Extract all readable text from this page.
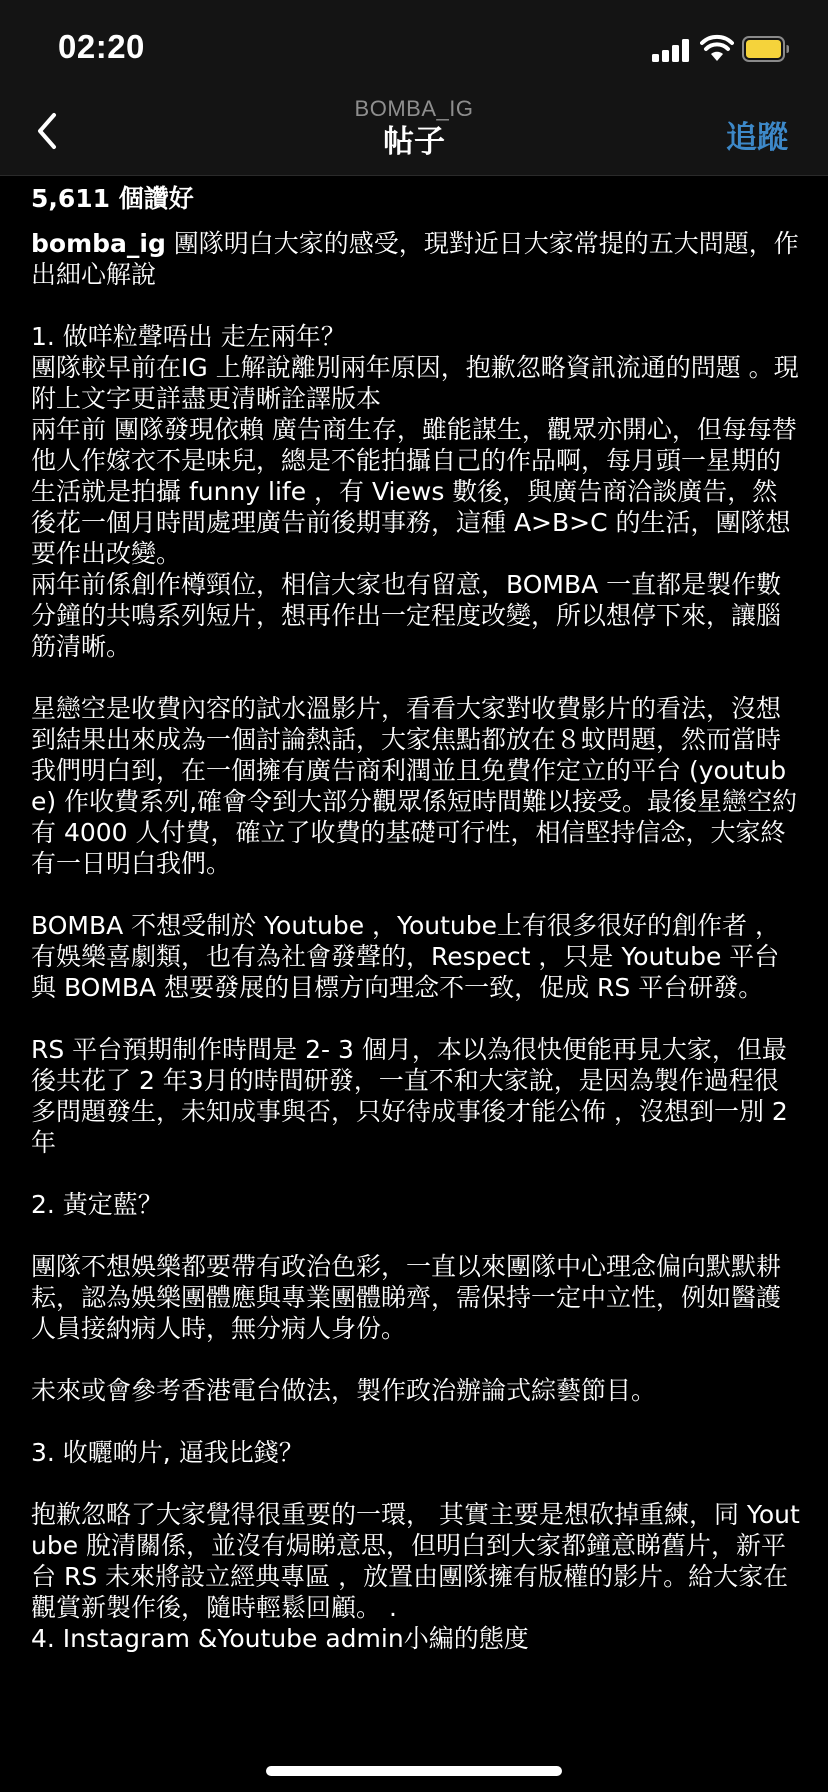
02:20
BOMBA_IG
帖子	追蹤
5,611 個讚好
bomba_ig 團隊明白大家的感受，現對近日大家常提的五大問題，作出細心解說

1. 做咩粒聲唔出 走左兩年？
團隊較早前在IG 上解說離別兩年原因，抱歉忽略資訊流通的問題 。現附上文字更詳盡更清晰詮譯版本
兩年前 團隊發現依賴 廣告商生存，雖能謀生，觀眾亦開心，但每每替他人作嫁衣不是味兒，總是不能拍攝自己的作品啊，每月頭一星期的生活就是拍攝 funny life ，有 Views 數後，與廣告商洽談廣告，然後花一個月時間處理廣告前後期事務，這種 A>B>C 的生活，團隊想要作出改變。
兩年前係創作樽頸位，相信大家也有留意，BOMBA 一直都是製作數分鐘的共鳴系列短片，想再作出一定程度改變，所以想停下來，讓腦筋清晰。

星戀空是收費內容的試水溫影片，看看大家對收費影片的看法，沒想到結果出來成為一個討論熱話，大家焦點都放在８蚊問題，然而當時我們明白到，在一個擁有廣告商利潤並且免費作定立的平台 (youtube) 作收費系列,確會令到大部分觀眾係短時間難以接受。最後星戀空約有 4000 人付費，確立了收費的基礎可行性，相信堅持信念，大家終有一日明白我們。

BOMBA 不想受制於 Youtube ，Youtube上有很多很好的創作者 ，有娛樂喜劇類，也有為社會發聲的，Respect ，只是 Youtube 平台與 BOMBA 想要發展的目標方向理念不一致，促成 RS 平台研發。

RS 平台預期制作時間是 2- 3 個月，本以為很快便能再見大家，但最後共花了 2 年3月的時間研發，一直不和大家說，是因為製作過程很多問題發生，未知成事與否，只好待成事後才能公佈 ，沒想到一別 2年

2. 黃定藍？

團隊不想娛樂都要帶有政治色彩，一直以來團隊中心理念偏向默默耕耘，認為娛樂團體應與專業團體睇齊，需保持一定中立性，例如醫護人員接納病人時，無分病人身份。

未來或會參考香港電台做法，製作政治辦論式綜藝節目。

3. 收曬啲片, 逼我比錢？

抱歉忽略了大家覺得很重要的一環， 其實主要是想砍掉重練，同 Youtube 脫清關係，並沒有焗睇意思，但明白到大家都鐘意睇舊片，新平台 RS 未來將設立經典專區 ，放置由團隊擁有版權的影片。給大家在觀賞新製作後，隨時輕鬆回顧。 .
4. Instagram &Youtube admin小編的態度
